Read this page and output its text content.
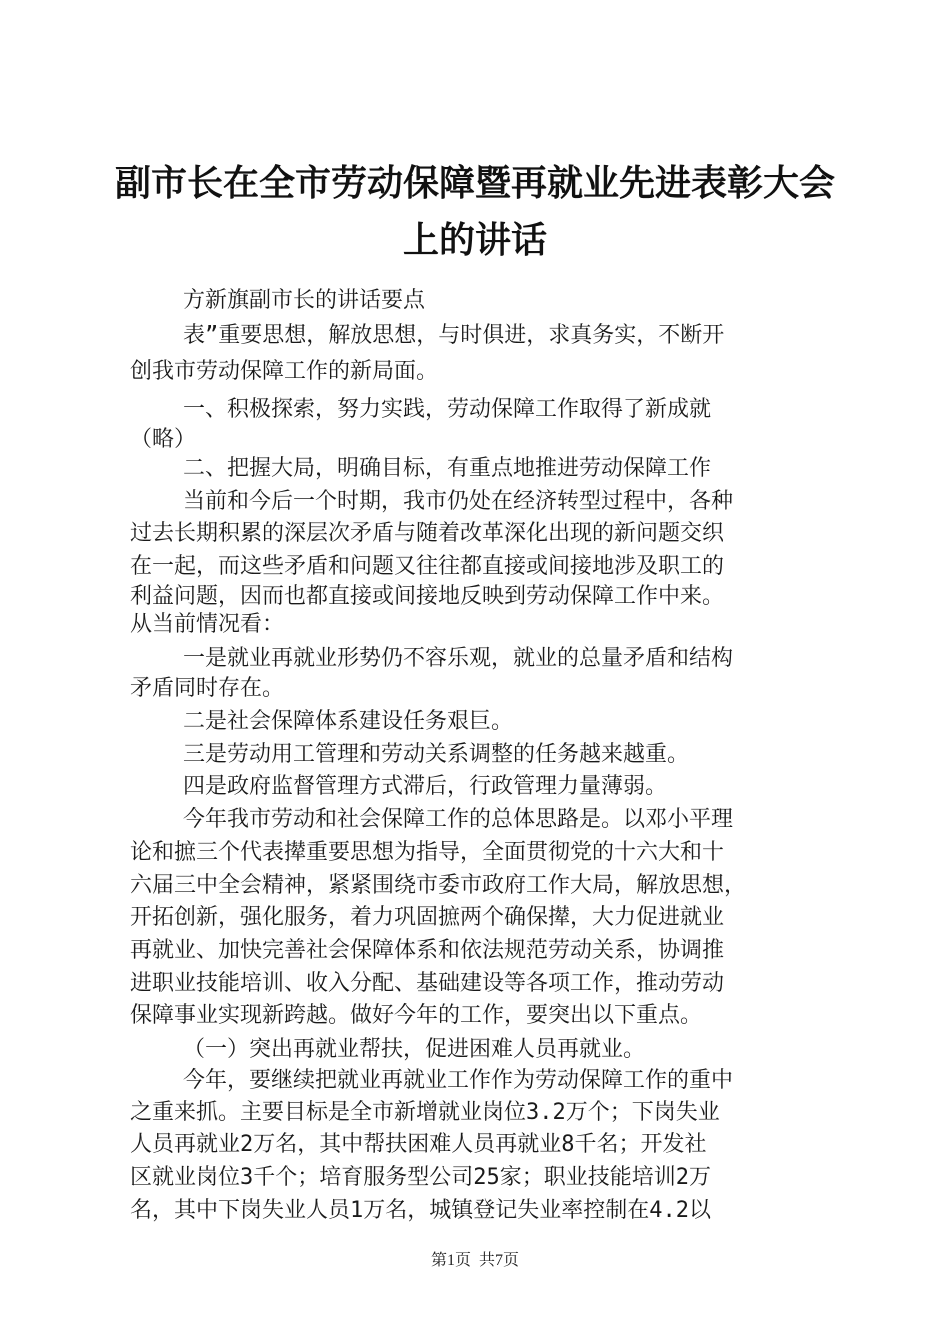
副市长在全市劳动保障暨再就业先进表彰大会
上的讲话
方新旗副市长的讲话要点
表”重要思想，解放思想，与时俱进，求真务实，不断开
创我市劳动保障工作的新局面。
一、积极探索，努力实践，劳动保障工作取得了新成就
（略）
二、把握大局，明确目标，有重点地推进劳动保障工作
当前和今后一个时期，我市仍处在经济转型过程中，各种
过去长期积累的深层次矛盾与随着改革深化出现的新问题交织
在一起，而这些矛盾和问题又往往都直接或间接地涉及职工的
利益问题，因而也都直接或间接地反映到劳动保障工作中来。
从当前情况看：
一是就业再就业形势仍不容乐观，就业的总量矛盾和结构
矛盾同时存在。
二是社会保障体系建设任务艰巨。
三是劳动用工管理和劳动关系调整的任务越来越重。
四是政府监督管理方式滞后，行政管理力量薄弱。
今年我市劳动和社会保障工作的总体思路是。以邓小平理
论和摭三个代表撵重要思想为指导，全面贯彻党的十六大和十
六届三中全会精神，紧紧围绕市委市政府工作大局，解放思想，
开拓创新，强化服务，着力巩固摭两个确保撵，大力促进就业
再就业、加快完善社会保障体系和依法规范劳动关系，协调推
进职业技能培训、收入分配、基础建设等各项工作，推动劳动
保障事业实现新跨越。做好今年的工作，要突出以下重点。
（一）突出再就业帮扶，促进困难人员再就业。
今年，要继续把就业再就业工作作为劳动保障工作的重中
之重来抓。主要目标是全市新增就业岗位3.2万个；下岗失业
人员再就业2万名，其中帮扶困难人员再就业8千名；开发社
区就业岗位3千个；培育服务型公司25家；职业技能培训2万
名，其中下岗失业人员1万名，城镇登记失业率控制在4.2以
第1页  共7页
